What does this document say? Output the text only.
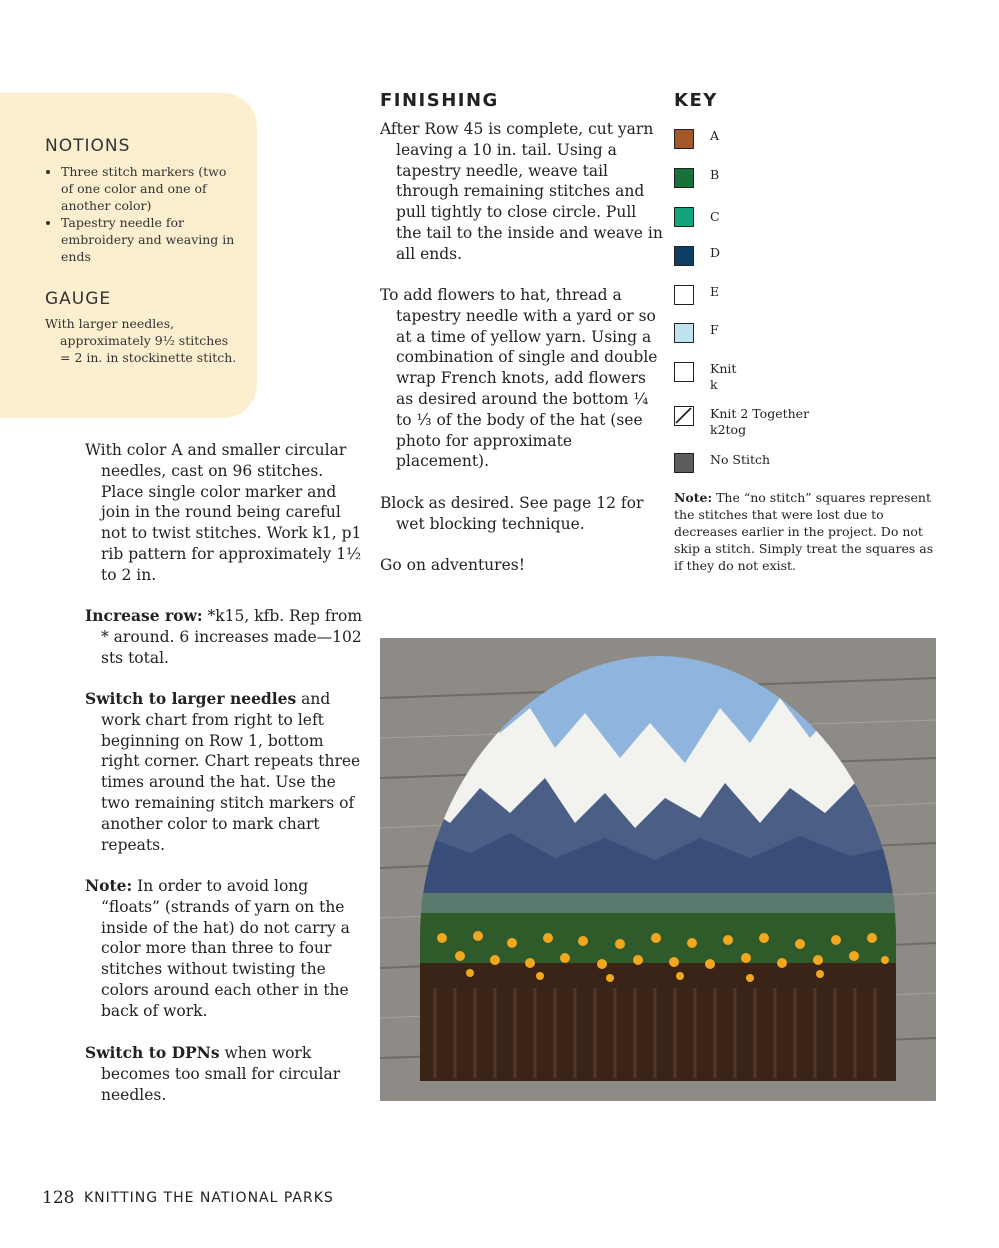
NOTIONS
• Three stitch markers (two of one color and one of another color)
• Tapestry needle for embroidery and weaving in ends
GAUGE
With larger needles, approximately 9½ stitches = 2 in. in stockinette stitch.

With color A and smaller circular needles, cast on 96 stitches. Place single color marker and join in the round being careful not to twist stitches. Work k1, p1 rib pattern for approximately 1½ to 2 in.

Increase row: *k15, kfb. Rep from * around. 6 increases made—102 sts total.

Switch to larger needles and work chart from right to left beginning on Row 1, bottom right corner. Chart repeats three times around the hat. Use the two remaining stitch markers of another color to mark chart repeats.

Note: In order to avoid long “floats” (strands of yarn on the inside of the hat) do not carry a color more than three to four stitches without twisting the colors around each other in the back of work.

Switch to DPNs when work becomes too small for circular needles.

FINISHING

After Row 45 is complete, cut yarn leaving a 10 in. tail. Using a tapestry needle, weave tail through remaining stitches and pull tightly to close circle. Pull the tail to the inside and weave in all ends.

To add flowers to hat, thread a tapestry needle with a yard or so at a time of yellow yarn. Using a combination of single and double wrap French knots, add flowers as desired around the bottom ¼ to ⅓ of the body of the hat (see photo for approximate placement).

Block as desired. See page 12 for wet blocking technique.

Go on adventures!

KEY
A
B
C
D
E
F
Knit
k
Knit 2 Together
k2tog
No Stitch
Note: The “no stitch” squares represent the stitches that were lost due to decreases earlier in the project. Do not skip a stitch. Simply treat the squares as if they do not exist.
128 KNITTING THE NATIONAL PARKS
